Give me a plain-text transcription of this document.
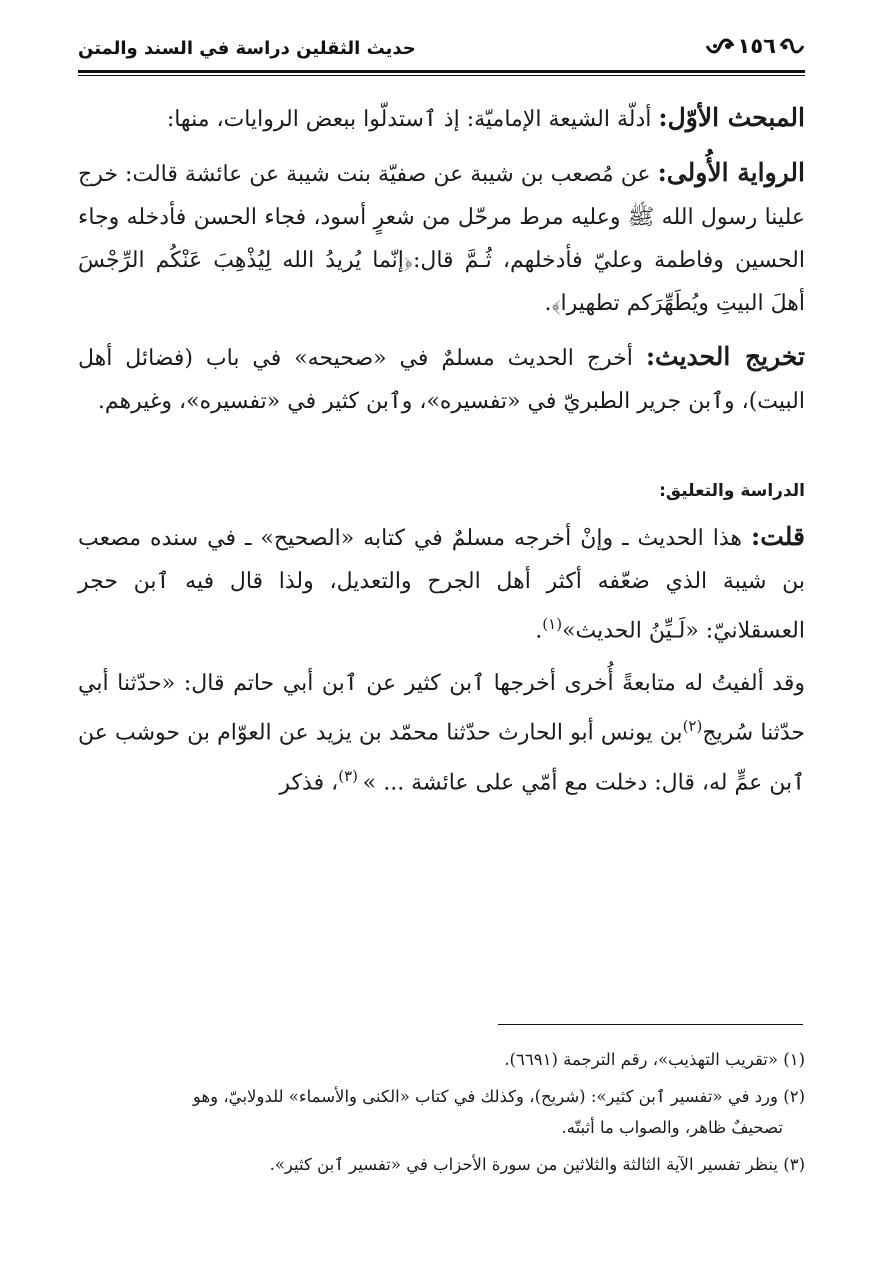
١٥٦
حديث الثقلين دراسة في السند والمتن

المبحث الأوّل: أدلّة الشيعة الإماميّة: إذ ٱستدلّوا ببعض الروايات، منها:

الرواية الأُولى: عن مُصعب بن شيبة عن صفيّة بنت شيبة عن عائشة قالت: خرج علينا رسول الله ﷺ وعليه مرط مرحّل من شعرٍ أسود، فجاء الحسن فأدخله وجاء الحسين وفاطمة وعليّ فأدخلهم، ثُـمَّ قال:﴿إنّما يُريدُ الله لِيُذْهِبَ عَنْكُم الرِّجْسَ أهلَ البيتِ ويُطَهِّرَكم تطهيرا﴾.

تخريج الحديث: أخرج الحديث مسلمٌ في «صحيحه» في باب (فضائل أهل البيت)، وٱبن جرير الطبريّ في «تفسيره»، وٱبن كثير في «تفسيره»، وغيرهم.

الدراسة والتعليق:

قلت: هذا الحديث ـ وإنْ أخرجه مسلمٌ في كتابه «الصحيح» ـ في سنده مصعب بن شيبة الذي ضعّفه أكثر أهل الجرح والتعديل، ولذا قال فيه ٱبن حجر العسقلانيّ: «لَـيِّنُ الحديث»$^{(١)}$.

وقد ألفيتُ له متابعةً أُخرى أخرجها ٱبن كثير عن ٱبن أبي حاتم قال: «حدّثنا أبي حدّثنا سُريج$^{(٢)}$بن يونس أبو الحارث حدّثنا محمّد بن يزيد عن العوّام بن حوشب عن ٱبن عمٍّ له، قال: دخلت مع أمّي على عائشة ... » $^{(٣)}$، فذكر

(١) «تقريب التهذيب»، رقم الترجمة (٦٦٩١).

(٢) ورد في «تفسير ٱبن كثير»: (شريح)، وكذلك في كتاب «الكنى والأسماء» للدولابيّ، وهو

تصحيفٌ ظاهر، والصواب ما أثبتّه.

(٣) ينظر تفسير الآية الثالثة والثلاثين من سورة الأحزاب في «تفسير ٱبن كثير».
